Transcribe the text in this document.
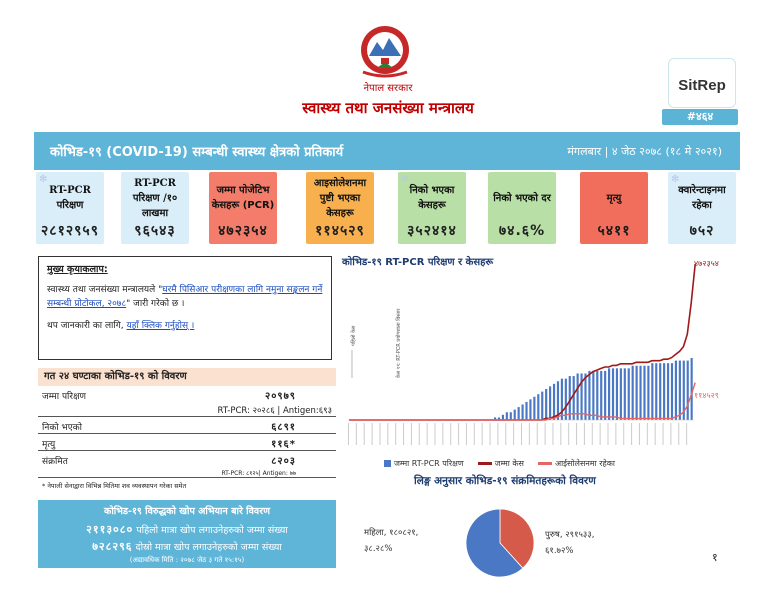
नेपाल सरकार
स्वास्थ्य तथा जनसंख्या मन्त्रालय
SitRep
#४६४
कोभिड-१९ (COVID-19) सम्बन्धी स्वास्थ्य क्षेत्रको प्रतिकार्य	मंगलबार | ४ जेठ २०७८ (१८ मे २०२१)
✻
RT-PCR परिक्षण
२८१२९५९
RT-PCR परिक्षण /१० लाखमा
९६५४३
जम्मा पोजेटिभ केसहरू (PCR)
४७२३५४
आइसोलेशनमा पुष्टी भएका केसहरू
११४५२९
✻
निको भएका केसहरू
३५२४१४
निको भएको दर
७४.६%
मृत्यु
५४११
✻
क्वारेन्टाइनमा रहेका
७५२
मुख्य कृयाकलाप:
स्वास्थ्य तथा जनसंख्या मन्त्रालयले "घरमै पिसिआर परीक्षणका लागि नमुना सङ्कलन गर्ने सम्बन्धी प्रोटोकल, २०७८" जारी गरेको छ ।
थप जानकारी का लागि, यहाँ क्लिक गर्नुहोस् ।
गत २४ घण्टाका कोभिड-१९ को विवरण
जम्मा परिक्षण	२०९७९
RT-PCR: २०२८६ | Antigen:६९३
निको भएको	६८९१
मृत्यु	११६*
संक्रमित	८२०३
RT-PCR: ८१२५| Antigen: ७७
* नेपाली सेनाद्वारा विभिन्न मितिमा शव व्यवस्थापन गरेका समेत
कोभिड-१९ विरुद्धको खोप अभियान बारे विवरण
२११३०८० पहिलो मात्रा खोप लगाउनेहरुको जम्मा संख्या
७२८२९६ दोस्रो मात्रा खोप लगाउनेहरुको जम्मा संख्या
(अद्यावधिक मिति : २०७८ जेठ ३ गते १५:१५)
कोभिड-१९ RT-PCR परिक्षण र केसहरू	४७२३५४
११४५२९
पहिलो केस	केस १९: RT-PCR प्रयोगशाला विस्तार
जम्मा RT-PCR परिक्षण	जम्मा केस	आईसोलेसनमा रहेका
लिङ्ग अनुसार कोभिड-१९ संक्रमितहरूको विवरण
महिला, १८०८२१,
३८.२८%
पुरुष, २९१५३३,
६१.७२%	१
